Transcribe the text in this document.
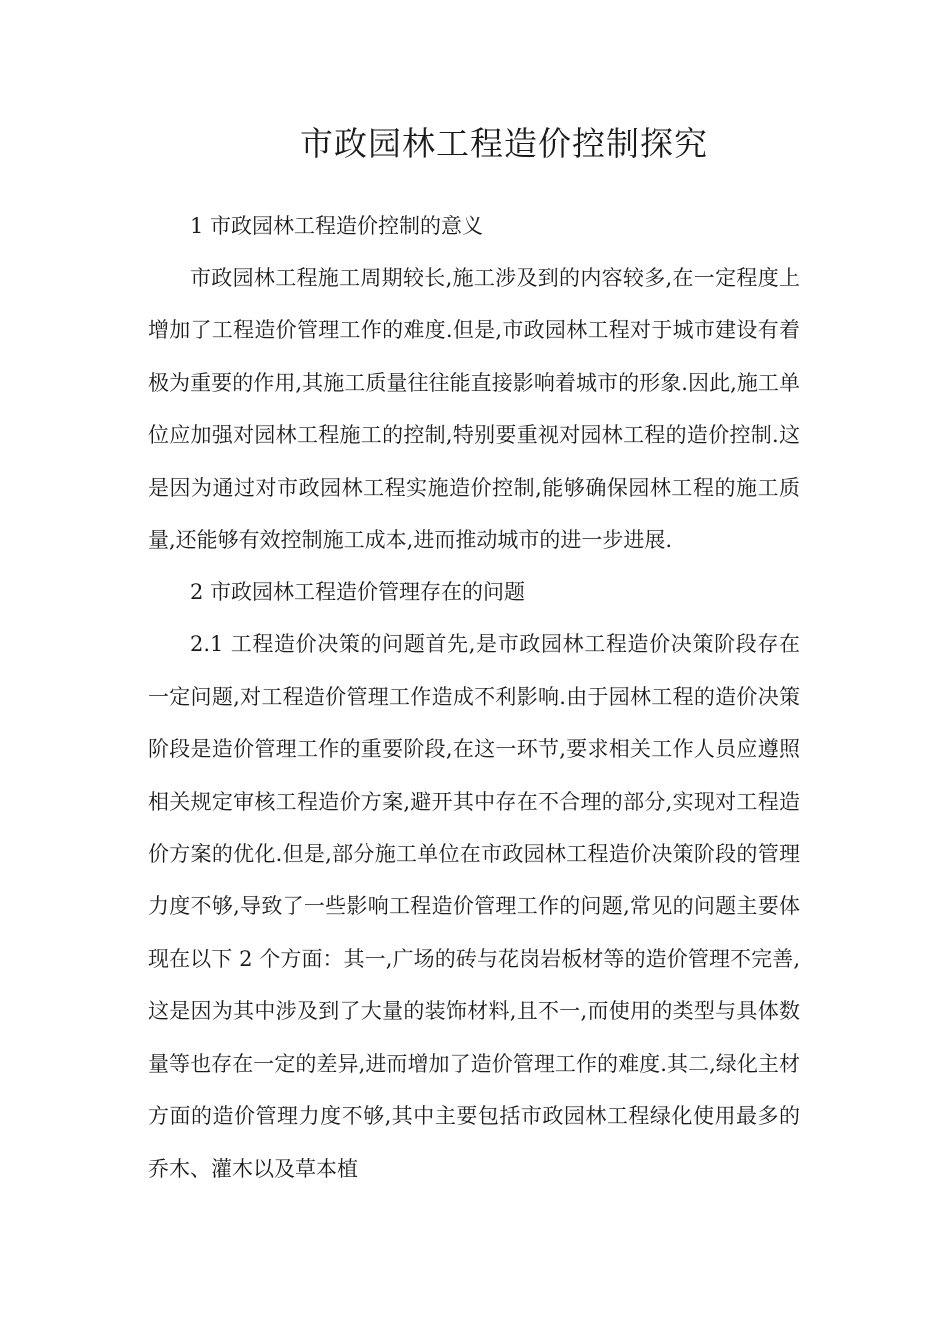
市政园林工程造价控制探究

1 市政园林工程造价控制的意义

市政园林工程施工周期较长,施工涉及到的内容较多,在一定程度上增加了工程造价管理工作的难度.但是,市政园林工程对于城市建设有着极为重要的作用,其施工质量往往能直接影响着城市的形象.因此,施工单位应加强对园林工程施工的控制,特别要重视对园林工程的造价控制.这是因为通过对市政园林工程实施造价控制,能够确保园林工程的施工质量,还能够有效控制施工成本,进而推动城市的进一步进展.

2 市政园林工程造价管理存在的问题

2.1 工程造价决策的问题首先,是市政园林工程造价决策阶段存在一定问题,对工程造价管理工作造成不利影响.由于园林工程的造价决策阶段是造价管理工作的重要阶段,在这一环节,要求相关工作人员应遵照相关规定审核工程造价方案,避开其中存在不合理的部分,实现对工程造价方案的优化.但是,部分施工单位在市政园林工程造价决策阶段的管理力度不够,导致了一些影响工程造价管理工作的问题,常见的问题主要体现在以下 2 个方面：其一,广场的砖与花岗岩板材等的造价管理不完善,这是因为其中涉及到了大量的装饰材料,且不一,而使用的类型与具体数量等也存在一定的差异,进而增加了造价管理工作的难度.其二,绿化主材方面的造价管理力度不够,其中主要包括市政园林工程绿化使用最多的乔木、灌木以及草本植
